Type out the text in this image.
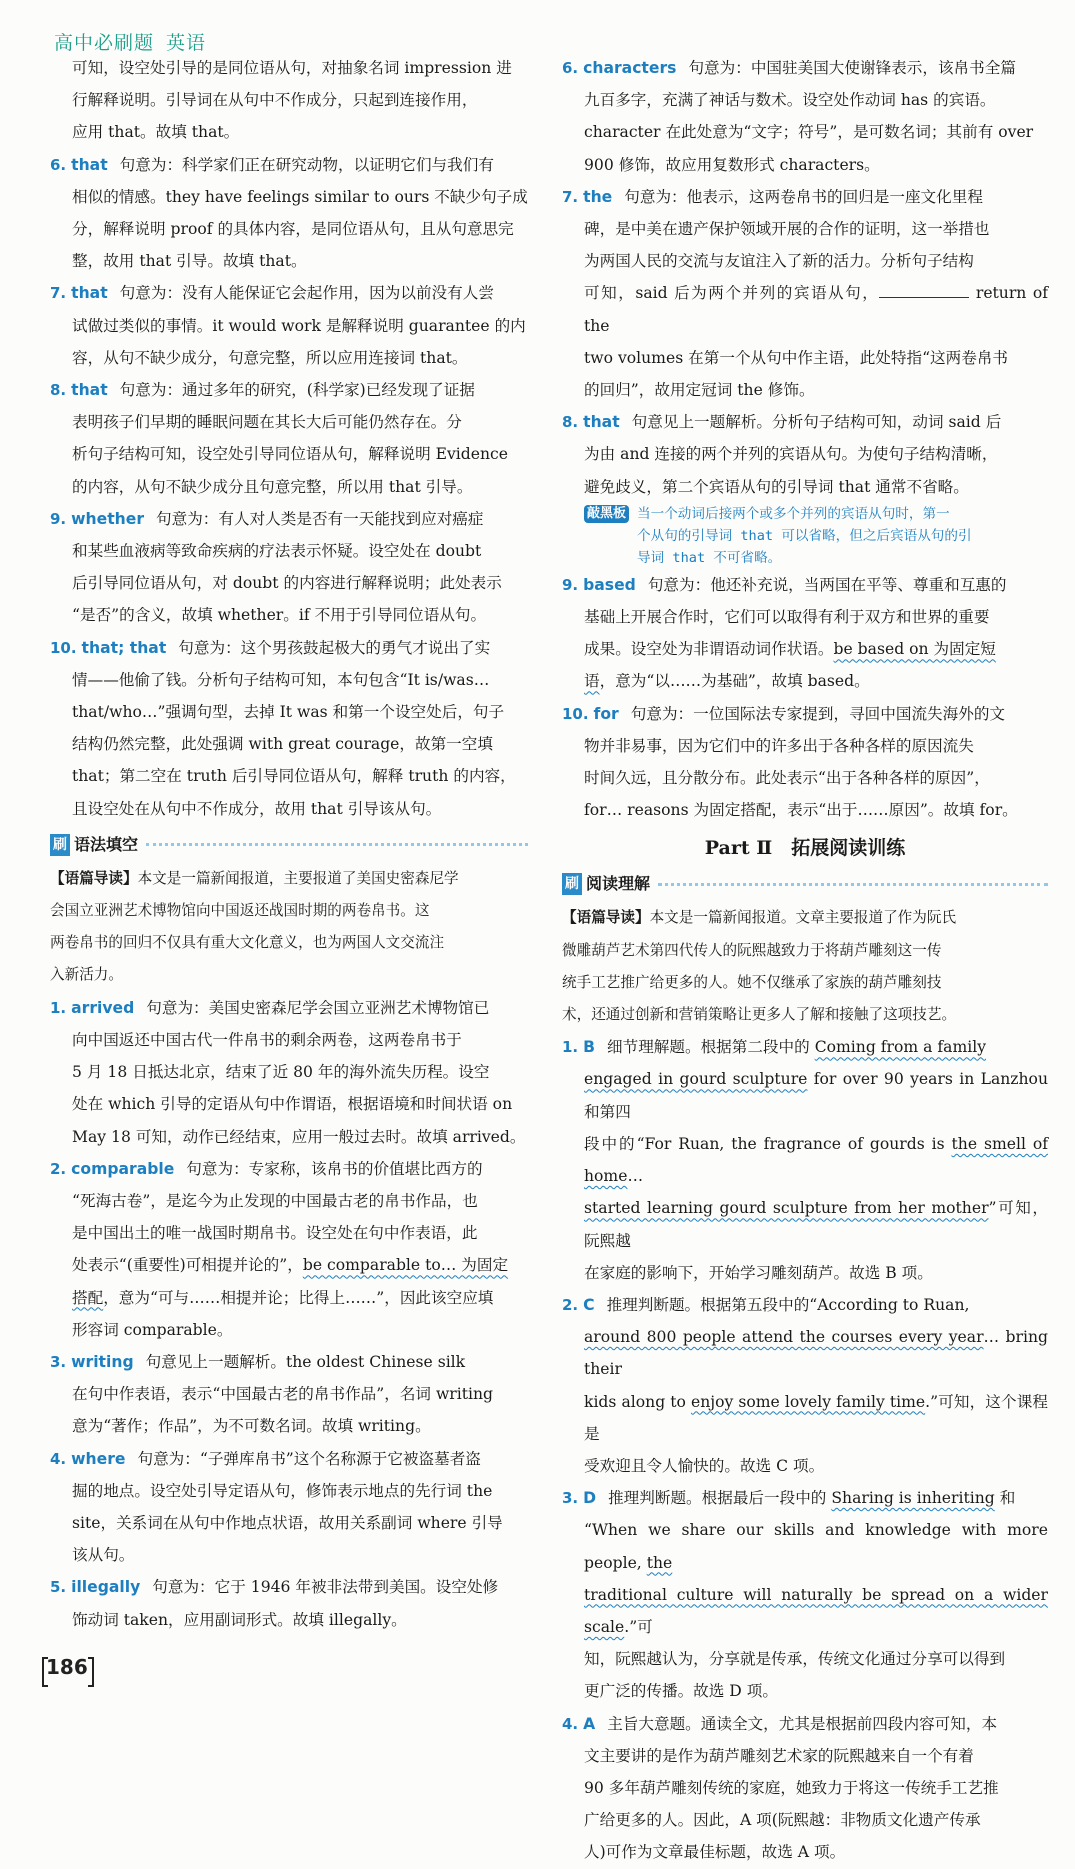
高中必刷题 英语

可知，设空处引导的是同位语从句，对抽象名词 impression 进
行解释说明。引导词在从句中不作成分，只起到连接作用，
应用 that。故填 that。

6. that 句意为：科学家们正在研究动物，以证明它们与我们有
相似的情感。they have feelings similar to ours 不缺少句子成
分，解释说明 proof 的具体内容，是同位语从句，且从句意思完
整，故用 that 引导。故填 that。

7. that 句意为：没有人能保证它会起作用，因为以前没有人尝
试做过类似的事情。it would work 是解释说明 guarantee 的内
容，从句不缺少成分，句意完整，所以应用连接词 that。

8. that 句意为：通过多年的研究，(科学家)已经发现了证据
表明孩子们早期的睡眠问题在其长大后可能仍然存在。分
析句子结构可知，设空处引导同位语从句，解释说明 Evidence
的内容，从句不缺少成分且句意完整，所以用 that 引导。

9. whether 句意为：有人对人类是否有一天能找到应对癌症
和某些血液病等致命疾病的疗法表示怀疑。设空处在 doubt
后引导同位语从句，对 doubt 的内容进行解释说明；此处表示
“是否”的含义，故填 whether。if 不用于引导同位语从句。

10. that; that 句意为：这个男孩鼓起极大的勇气才说出了实
情——他偷了钱。分析句子结构可知，本句包含“It is/was…
that/who…”强调句型，去掉 It was 和第一个设空处后，句子
结构仍然完整，此处强调 with great courage，故第一空填
that；第二空在 truth 后引导同位语从句，解释 truth 的内容，
且设空处在从句中不作成分，故用 that 引导该从句。

刷 语法填空

【语篇导读】本文是一篇新闻报道，主要报道了美国史密森尼学
会国立亚洲艺术博物馆向中国返还战国时期的两卷帛书。这
两卷帛书的回归不仅具有重大文化意义，也为两国人文交流注
入新活力。

1. arrived 句意为：美国史密森尼学会国立亚洲艺术博物馆已
向中国返还中国古代一件帛书的剩余两卷，这两卷帛书于
5 月 18 日抵达北京，结束了近 80 年的海外流失历程。设空
处在 which 引导的定语从句中作谓语，根据语境和时间状语 on
May 18 可知，动作已经结束，应用一般过去时。故填 arrived。

2. comparable 句意为：专家称，该帛书的价值堪比西方的
“死海古卷”，是迄今为止发现的中国最古老的帛书作品，也
是中国出土的唯一战国时期帛书。设空处在句中作表语，此
处表示“(重要性)可相提并论的”，be comparable to… 为固定
搭配，意为“可与……相提并论；比得上……”，因此该空应填
形容词 comparable。

3. writing 句意见上一题解析。the oldest Chinese silk
在句中作表语，表示“中国最古老的帛书作品”，名词 writing
意为“著作；作品”，为不可数名词。故填 writing。

4. where 句意为：“子弹库帛书”这个名称源于它被盗墓者盗
掘的地点。设空处引导定语从句，修饰表示地点的先行词 the
site，关系词在从句中作地点状语，故用关系副词 where 引导
该从句。

5. illegally 句意为：它于 1946 年被非法带到美国。设空处修
饰动词 taken，应用副词形式。故填 illegally。

6. characters 句意为：中国驻美国大使谢锋表示，该帛书全篇
九百多字，充满了神话与数术。设空处作动词 has 的宾语。
character 在此处意为“文字；符号”，是可数名词；其前有 over
900 修饰，故应用复数形式 characters。

7. the 句意为：他表示，这两卷帛书的回归是一座文化里程
碑，是中美在遗产保护领域开展的合作的证明，这一举措也
为两国人民的交流与友谊注入了新的活力。分析句子结构
可知，said 后为两个并列的宾语从句，	return of the
two volumes 在第一个从句中作主语，此处特指“这两卷帛书
的回归”，故用定冠词 the 修饰。

8. that 句意见上一题解析。分析句子结构可知，动词 said 后
为由 and 连接的两个并列的宾语从句。为使句子结构清晰，
避免歧义，第二个宾语从句的引导词 that 通常不省略。

敲黑板 当一个动词后接两个或多个并列的宾语从句时，第一
个从句的引导词 that 可以省略，但之后宾语从句的引
导词 that 不可省略。

9. based 句意为：他还补充说，当两国在平等、尊重和互惠的
基础上开展合作时，它们可以取得有利于双方和世界的重要
成果。设空处为非谓语动词作状语。be based on 为固定短
语，意为“以……为基础”，故填 based。

10. for 句意为：一位国际法专家提到，寻回中国流失海外的文
物并非易事，因为它们中的许多出于各种各样的原因流失
时间久远，且分散分布。此处表示“出于各种各样的原因”，
for… reasons 为固定搭配，表示“出于……原因”。故填 for。

Part Ⅱ　拓展阅读训练
刷 阅读理解

【语篇导读】本文是一篇新闻报道。文章主要报道了作为阮氏
微雕葫芦艺术第四代传人的阮熙越致力于将葫芦雕刻这一传
统手工艺推广给更多的人。她不仅继承了家族的葫芦雕刻技
术，还通过创新和营销策略让更多人了解和接触了这项技艺。

1. B 细节理解题。根据第二段中的 Coming from a family
engaged in gourd sculpture for over 90 years in Lanzhou 和第四
段中的“For Ruan, the fragrance of gourds is the smell of home…
started learning gourd sculpture from her mother”可知，阮熙越
在家庭的影响下，开始学习雕刻葫芦。故选 B 项。

2. C 推理判断题。根据第五段中的“According to Ruan,
around 800 people attend the courses every year… bring their
kids along to enjoy some lovely family time.”可知，这个课程是
受欢迎且令人愉快的。故选 C 项。

3. D 推理判断题。根据最后一段中的 Sharing is inheriting 和
“When we share our skills and knowledge with more people, the
traditional culture will naturally be spread on a wider scale.”可
知，阮熙越认为，分享就是传承，传统文化通过分享可以得到
更广泛的传播。故选 D 项。

4. A 主旨大意题。通读全文，尤其是根据前四段内容可知，本
文主要讲的是作为葫芦雕刻艺术家的阮熙越来自一个有着
90 多年葫芦雕刻传统的家庭，她致力于将这一传统手工艺推
广给更多的人。因此，A 项(阮熙越：非物质文化遗产传承
人)可作为文章最佳标题，故选 A 项。

186
